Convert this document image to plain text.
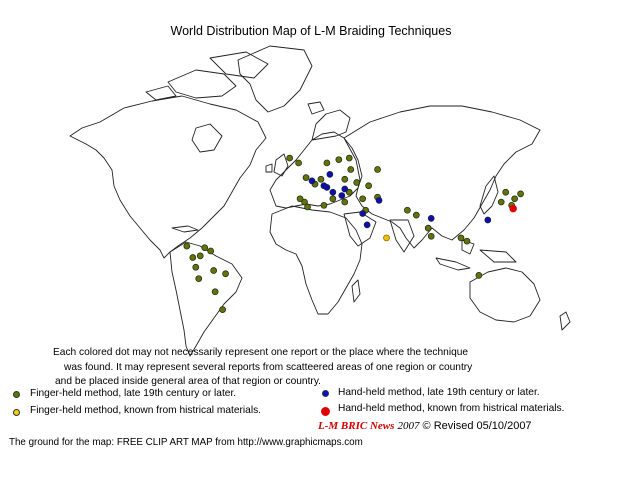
World Distribution Map of L-M Braiding Techniques
Each colored dot may not necessarily represent one report or the place where the technique
was found. It may represent several reports from scatteered areas of one region or country
and be placed inside general area of that region or country.
Finger-held method, late 19th century or later.
Finger-held method, known from histrical materials.
Hand-held method, late 19th century or later.
Hand-held method, known from histrical materials.
L-M BRIC News 2007 © Revised 05/10/2007
The ground for the map: FREE CLIP ART MAP from http://www.graphicmaps.com
